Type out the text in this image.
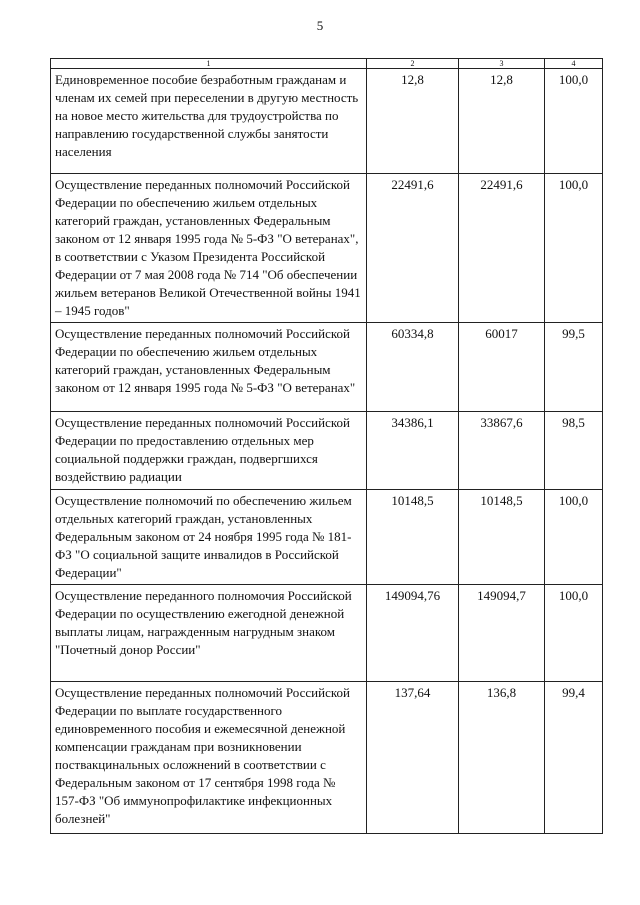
5
1	2	3	4
Единовременное пособие безработным гражданам и членам их семей при переселении в другую местность на новое место жительства для трудоустройства по направлению государственной службы занятости населения	12,8	12,8	100,0
Осуществление переданных полномочий Российской Федерации по обеспечению жильем отдельных категорий граждан, установленных Федеральным законом от 12 января 1995 года № 5-ФЗ "О ветеранах", в соответствии с Указом Президента Российской Федерации от 7 мая 2008 года № 714 "Об обеспечении жильем ветеранов Великой Отечественной войны 1941 – 1945 годов"	22491,6	22491,6	100,0
Осуществление переданных полномочий Российской Федерации по обеспечению жильем отдельных категорий граждан, установленных Федеральным законом от 12 января 1995 года № 5-ФЗ "О ветеранах"	60334,8	60017	99,5
Осуществление переданных полномочий Российской Федерации по предоставлению отдельных мер социальной поддержки граждан, подвергшихся воздействию радиации	34386,1	33867,6	98,5
Осуществление полномочий по обеспечению жильем отдельных категорий граждан, установленных Федеральным законом от 24 ноября 1995 года № 181-ФЗ "О социальной защите инвалидов в Российской Федерации"	10148,5	10148,5	100,0
Осуществление переданного полномочия Российской Федерации по осуществлению ежегодной денежной выплаты лицам, награжденным нагрудным знаком "Почетный донор России"	149094,76	149094,7	100,0
Осуществление переданных полномочий Российской Федерации по выплате государственного единовременного пособия и ежемесячной денежной компенсации гражданам при возникновении поствакцинальных осложнений в соответствии с Федеральным законом от 17 сентября 1998 года № 157-ФЗ "Об иммунопрофилактике инфекционных болезней"	137,64	136,8	99,4
